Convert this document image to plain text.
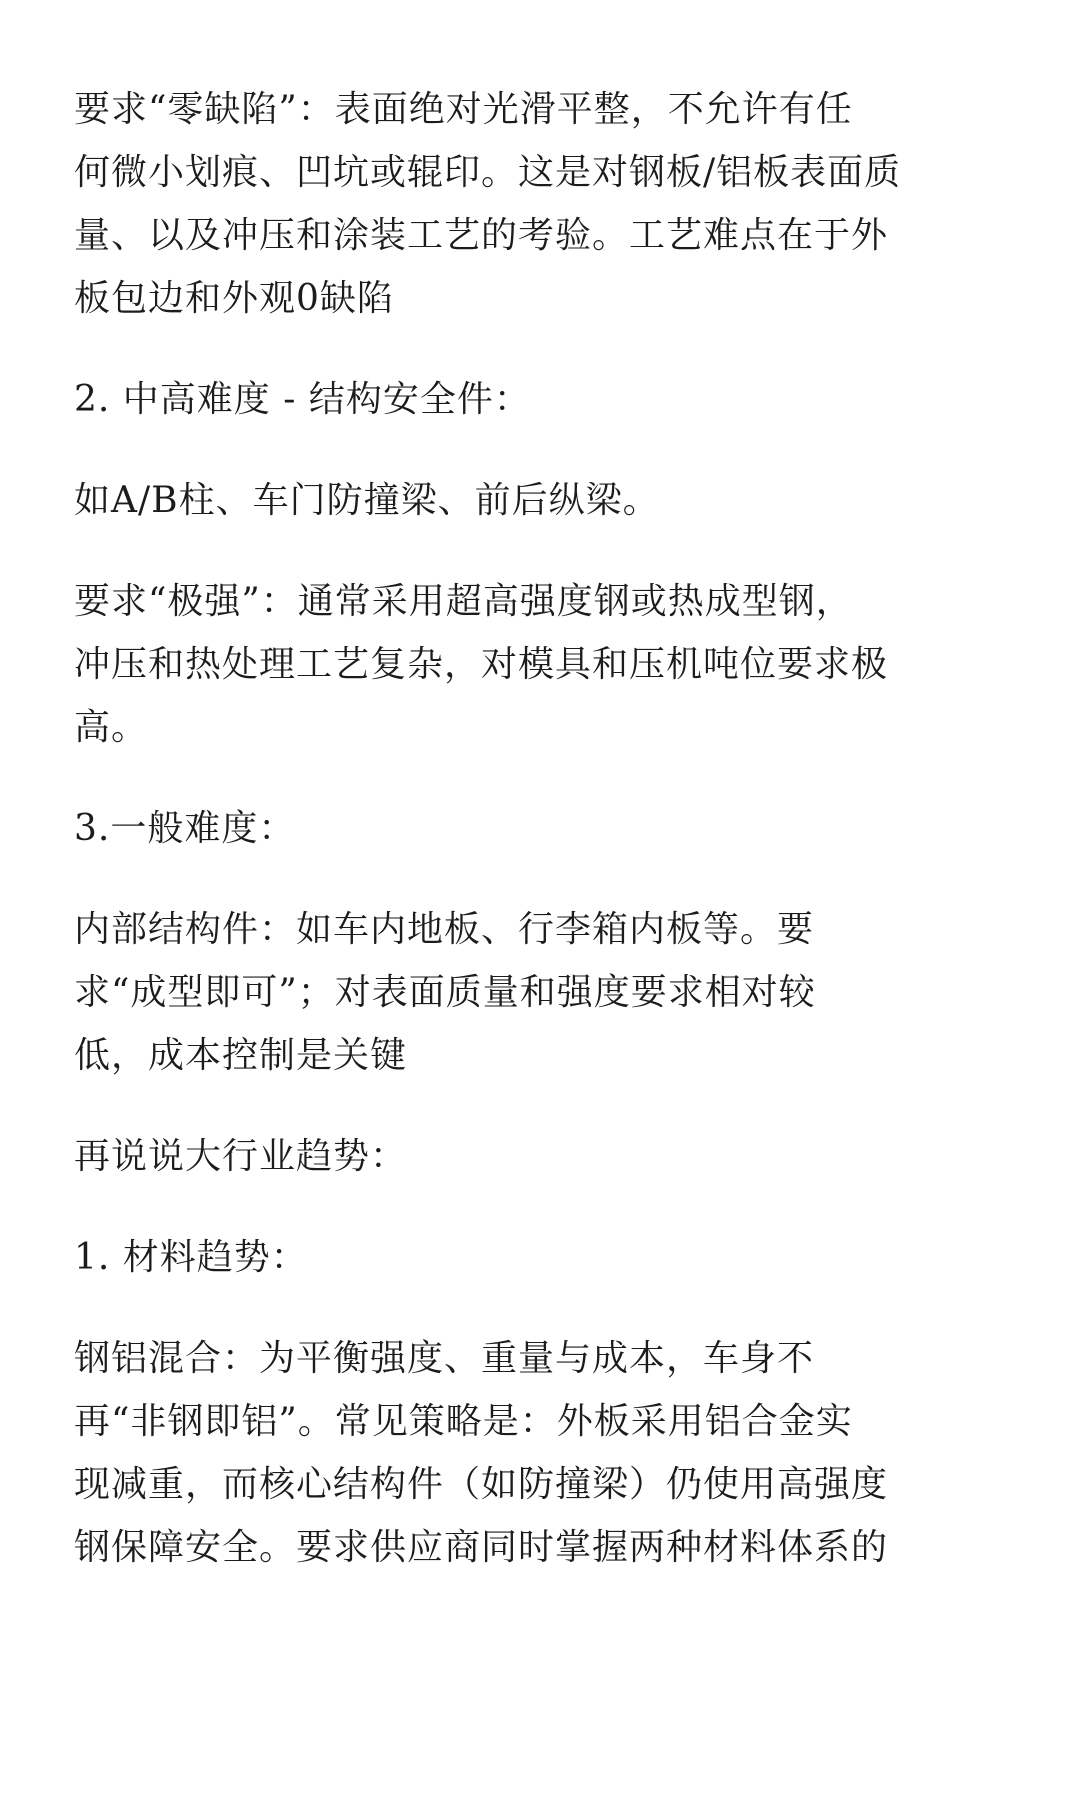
要求“零缺陷”：表面绝对光滑平整，不允许有任
何微小划痕、凹坑或辊印。这是对钢板/铝板表面质
量、以及冲压和涂装工艺的考验。工艺难点在于外
板包边和外观0缺陷
2. 中高难度 - 结构安全件：
如A/B柱、车门防撞梁、前后纵梁。
要求“极强”：通常采用超高强度钢或热成型钢，
冲压和热处理工艺复杂，对模具和压机吨位要求极
高。
3.一般难度：
内部结构件：如车内地板、行李箱内板等。要
求“成型即可”；对表面质量和强度要求相对较
低，成本控制是关键
再说说大行业趋势：
1. 材料趋势：
钢铝混合：为平衡强度、重量与成本，车身不
再“非钢即铝”。常见策略是：外板采用铝合金实
现减重，而核心结构件（如防撞梁）仍使用高强度
钢保障安全。要求供应商同时掌握两种材料体系的
